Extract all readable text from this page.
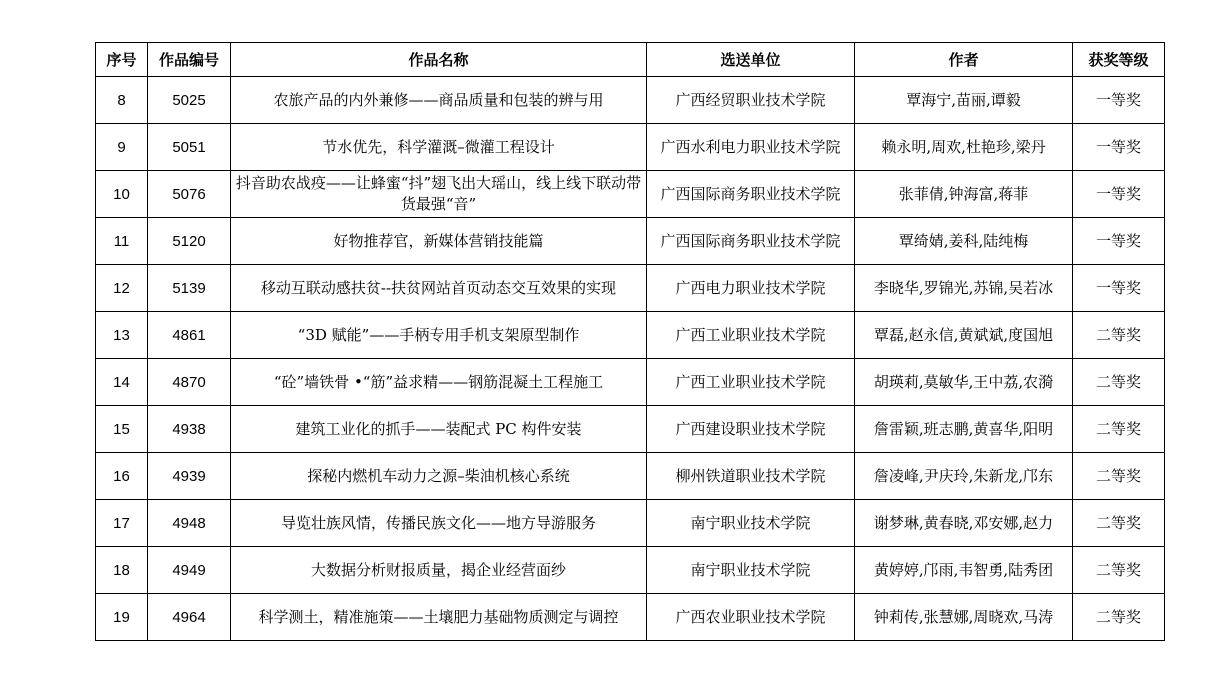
序号	作品编号	作品名称	选送单位	作者	获奖等级
8	5025	农旅产品的内外兼修——商品质量和包装的辨与用	广西经贸职业技术学院	覃海宁,苗丽,谭毅	一等奖
9	5051	节水优先，科学灌溉–微灌工程设计	广西水利电力职业技术学院	赖永明,周欢,杜艳珍,梁丹	一等奖
10	5076	抖音助农战疫——让蜂蜜“抖”翅飞出大瑶山，线上线下联动带货最强“音”	广西国际商务职业技术学院	张菲倩,钟海富,蒋菲	一等奖
11	5120	好物推荐官，新媒体营销技能篇	广西国际商务职业技术学院	覃绮婧,姜科,陆纯梅	一等奖
12	5139	移动互联动感扶贫--扶贫网站首页动态交互效果的实现	广西电力职业技术学院	李晓华,罗锦光,苏锦,吴若冰	一等奖
13	4861	“3D 赋能”——手柄专用手机支架原型制作	广西工业职业技术学院	覃磊,赵永信,黄斌斌,度国旭	二等奖
14	4870	“砼”墙铁骨 •“筋”益求精——钢筋混凝土工程施工	广西工业职业技术学院	胡瑛莉,莫敏华,王中荔,农漪	二等奖
15	4938	建筑工业化的抓手——装配式 PC 构件安装	广西建设职业技术学院	詹雷颖,班志鹏,黄喜华,阳明	二等奖
16	4939	探秘内燃机车动力之源–柴油机核心系统	柳州铁道职业技术学院	詹凌峰,尹庆玲,朱新龙,邝东	二等奖
17	4948	导览壮族风情，传播民族文化——地方导游服务	南宁职业技术学院	谢梦琳,黄春晓,邓安娜,赵力	二等奖
18	4949	大数据分析财报质量，揭企业经营面纱	南宁职业技术学院	黄婷婷,邝雨,韦智勇,陆秀团	二等奖
19	4964	科学测土，精准施策——土壤肥力基础物质测定与调控	广西农业职业技术学院	钟莉传,张慧娜,周晓欢,马涛	二等奖
